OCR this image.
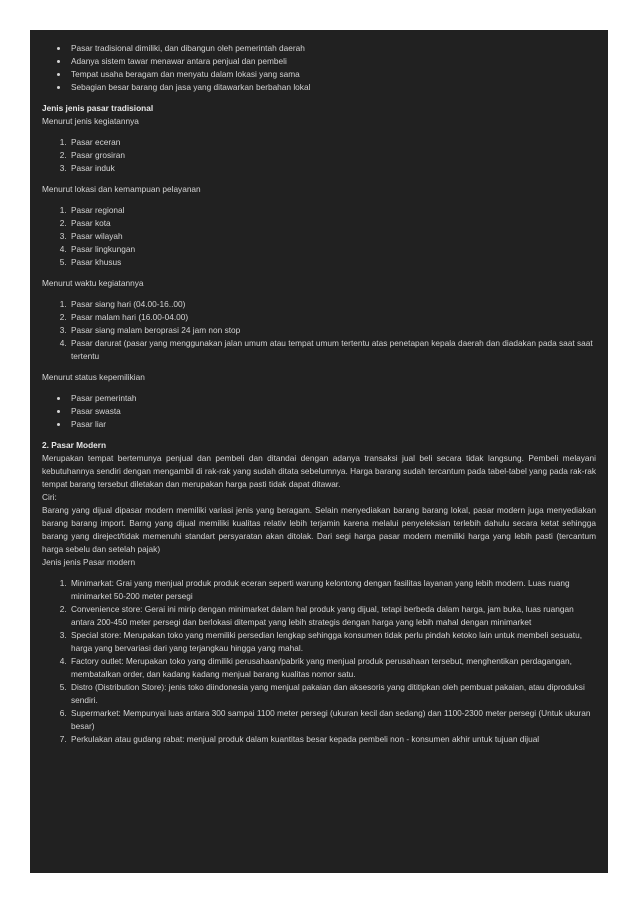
• Pasar tradisional dimiliki, dan dibangun oleh pemerintah daerah
• Adanya sistem tawar menawar antara penjual dan pembeli
• Tempat usaha beragam dan menyatu dalam lokasi yang sama
• Sebagian besar barang dan jasa yang ditawarkan berbahan lokal

Jenis jenis pasar tradisional

Menurut jenis kegiatannya

1. Pasar eceran
2. Pasar grosiran
3. Pasar induk

Menurut lokasi dan kemampuan pelayanan

1. Pasar regional
2. Pasar kota
3. Pasar wilayah
4. Pasar lingkungan
5. Pasar khusus

Menurut waktu kegiatannya

1. Pasar siang hari (04.00-16..00)
2. Pasar malam hari (16.00-04.00)
3. Pasar siang malam beroprasi 24 jam non stop
4. Pasar darurat (pasar yang menggunakan jalan umum atau tempat umum tertentu atas penetapan kepala daerah dan diadakan pada saat saat tertentu

Menurut status kepemilikian

• Pasar pemerintah
• Pasar swasta
• Pasar liar

2. Pasar Modern

Merupakan tempat bertemunya penjual dan pembeli dan ditandai dengan adanya transaksi jual beli secara tidak langsung. Pembeli melayani kebutuhannya sendiri dengan mengambil di rak-rak yang sudah ditata sebelumnya. Harga barang sudah tercantum pada tabel-tabel yang pada rak-rak tempat barang tersebut diletakan dan merupakan harga pasti tidak dapat ditawar.

Ciri:

Barang yang dijual dipasar modern memiliki variasi jenis yang beragam. Selain menyediakan barang barang lokal, pasar modern juga menyediakan barang barang import. Barng yang dijual memiliki kualitas relativ lebih terjamin karena melalui penyeleksian terlebih dahulu secara ketat sehingga barang yang direject/tidak memenuhi standart persyaratan akan ditolak. Dari segi harga pasar modern memiliki harga yang lebih pasti (tercantum harga sebelu dan setelah pajak)

Jenis jenis Pasar modern

1. Minimarkat: Grai yang menjual produk produk eceran seperti warung kelontong dengan fasilitas layanan yang lebih modern. Luas ruang minimarket 50-200 meter persegi
2. Convenience store: Gerai ini mirip dengan minimarket dalam hal produk yang dijual, tetapi berbeda dalam harga, jam buka, luas ruangan antara 200-450 meter persegi dan berlokasi ditempat yang lebih strategis dengan harga yang lebih mahal dengan minimarket
3. Special store: Merupakan toko yang memiliki persedian lengkap sehingga konsumen tidak perlu pindah ketoko lain untuk membeli sesuatu, harga yang bervariasi dari yang terjangkau hingga yang mahal.
4. Factory outlet: Merupakan toko yang dimiliki perusahaan/pabrik yang menjual produk perusahaan tersebut, menghentikan perdagangan, membatalkan order, dan kadang kadang menjual barang kualitas nomor satu.
5. Distro (Distribution Store): jenis toko diindonesia yang menjual pakaian dan aksesoris yang dititipkan oleh pembuat pakaian, atau diproduksi sendiri.
6. Supermarket: Mempunyai luas antara 300 sampai 1100 meter persegi (ukuran kecil dan sedang) dan 1100-2300 meter persegi (Untuk ukuran besar)
7. Perkulakan atau gudang rabat: menjual produk dalam kuantitas besar kepada pembeli non - konsumen akhir untuk tujuan dijual
